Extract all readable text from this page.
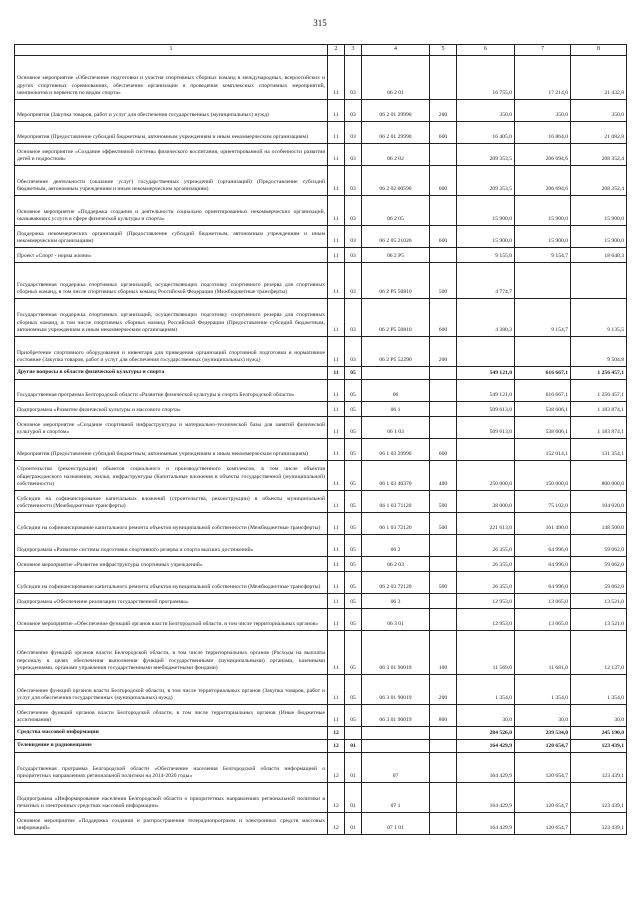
315
1	2	3	4	5	6	7	8
Основное мероприятие «Обеспечение подготовки и участия спортивных сборных команд в международных, всероссийских и других спортивных соревнованиях, обеспечение организации и проведения комплексных спортивных мероприятий, чемпионатов и первенств по видам спорта»	11	03	06 2 01		16 755,0	17 214,0	21 432,8
Мероприятия (Закупка товаров, работ и услуг для обеспечения государственных (муниципальных) нужд)	11	03	06 2 01 29990	200	350,0	350,0	350,0
Мероприятия (Предоставление субсидий бюджетным, автономным учреждениям и иным некоммерческим организациям)	11	03	06 2 01 29990	600	16 405,0	16 864,0	21 082,8
Основное мероприятие «Создание эффективной системы физического воспитания, ориентированной на особенности развития детей и подростков»	11	03	06 2 02		209 353,5	206 694,6	208 352,4
Обеспечение деятельности (оказание услуг) государственных учреждений (организаций) (Предоставление субсидий бюджетным, автономным учреждениям и иным некоммерческим организациям)	11	03	06 2 02 00590	600	209 353,5	206 694,6	208 352,4
Основное мероприятие «Поддержка создания и деятельности социально ориентированных некоммерческих организаций, оказывающих услуги в сфере физической культуры и спорта»	11	03	06 2 05		15 900,0	15 900,0	15 900,0
Поддержка некоммерческих организаций (Предоставление субсидий бюджетным, автономным учреждениям и иным некоммерческим организациям)	11	03	06 2 05 21020	600	15 900,0	15 900,0	15 900,0
Проект «Спорт - норма жизни»	11	03	06 2 P5		9 155,0	9 154,7	18 640,3
Государственная поддержка спортивных организаций, осуществляющих подготовку спортивного резерва для спортивных сборных команд, в том числе спортивных сборных команд Российской Федерации (Межбюджетные трансферты)	11	03	06 2 P5 50810	500	4 774,7		
Государственная поддержка спортивных организаций, осуществляющих подготовку спортивного резерва для спортивных сборных команд, в том числе спортивных сборных команд Российской Федерации (Предоставление субсидий бюджетным, автономным учреждениям и иным некоммерческим организациям)	11	03	06 2 P5 50810	600	4 380,3	9 154,7	9 135,5
Приобретение спортивного оборудования и инвентаря для приведения организаций спортивной подготовки в нормативное состояние (Закупка товаров, работ и услуг для обеспечения государственных (муниципальных) нужд)	11	03	06 2 P5 52290	200			9 504,8
Другие вопросы в области физической культуры и спорта	11	05			549 121,0	616 667,1	1 256 457,1
Государственная программа Белгородской области «Развитие физической культуры и спорта Белгородской области»	11	05	06		549 121,0	616 667,1	1 256 457,1
Подпрограмма «Развитие физической культуры и массового спорта»	11	05	06 1		509 613,0	538 606,1	1 183 874,1
Основное мероприятие «Создание спортивной инфраструктуры и материально-технической базы для занятий физической культурой и спортом»	11	05	06 1 03		509 613,0	538 606,1	1 183 874,1
Мероприятия (Предоставление субсидий бюджетным, автономным учреждениям и иным некоммерческим организациям)	11	05	06 1 03 29990	600		152 014,1	131 354,1
Строительство (реконструкция) объектов социального и производственного комплексов, в том числе объектов общегражданского назначения, жилья, инфраструктуры (Капитальные вложения в объекты государственной (муниципальной) собственности)	11	05	06 1 03 40370	400	250 000,0	150 000,0	800 000,0
Субсидии на софинансирование капитальных вложений (строительства, реконструкции) в объекты муниципальной собственности (Межбюджетные трансферты)	11	05	06 1 03 71120	500	38 000,0	75 102,0	104 020,0
Субсидии на софинансирование капитального ремонта объектов муниципальной собственности (Межбюджетные трансферты)	11	05	06 1 03 72120	500	221 613,0	161 490,0	148 500,0
Подпрограмма «Развитие системы подготовки спортивного резерва и спорта высших достижений»	11	05	06 2		26 355,0	64 996,0	59 062,0
Основное мероприятие «Развитие инфраструктуры спортивных учреждений»	11	05	06 2 03		26 355,0	64 996,0	59 062,0
Субсидии на софинансирование капитального ремонта объектов муниципальной собственности (Межбюджетные трансферты)	11	05	06 2 03 72120	500	26 355,0	64 996,0	59 062,0
Подпрограмма «Обеспечение реализации государственной программы»	11	05	06 3		12 953,0	13 065,0	13 521,0
Основное мероприятие «Обеспечение функций органов власти Белгородской области, в том числе территориальных органов»	11	05	06 3 01		12 953,0	13 065,0	13 521,0
Обеспечение функций органов власти Белгородской области, в том числе территориальных органов (Расходы на выплаты персоналу в целях обеспечения выполнения функций государственными (муниципальными) органами, казенными учреждениями, органами управления государственными внебюджетными фондами)	11	05	06 3 01 90019	100	11 569,0	11 681,0	12 137,0
Обеспечение функций органов власти Белгородской области, в том числе территориальных органов (Закупка товаров, работ и услуг для обеспечения государственных (муниципальных) нужд)	11	05	06 3 01 90019	200	1 354,0	1 354,0	1 354,0
Обеспечение функций органов власти Белгородской области, в том числе территориальных органов (Иные бюджетные ассигнования)	11	05	06 3 01 90019	800	30,0	30,0	30,0
Средства массовой информации	12				284 526,0	239 534,0	245 190,0
Телевидение и радиовещание	12	01			164 429,9	120 654,7	123 439,1
Государственная программа Белгородской области «Обеспечение населения Белгородской области информацией о приоритетных направлениях региональной политики на 2014-2020 годы»	12	01	07		164 429,9	120 654,7	123 439,1
Подпрограмма «Информирование населения Белгородской области о приоритетных направлениях региональной политики в печатных и электронных средствах массовой информации»	12	01	07 1		164 429,9	120 654,7	123 439,1
Основное мероприятие «Поддержка создания и распространения телерадиопрограмм и электронных средств массовых информаций»	12	01	07 1 01		164 429,9	120 654,7	123 439,1
